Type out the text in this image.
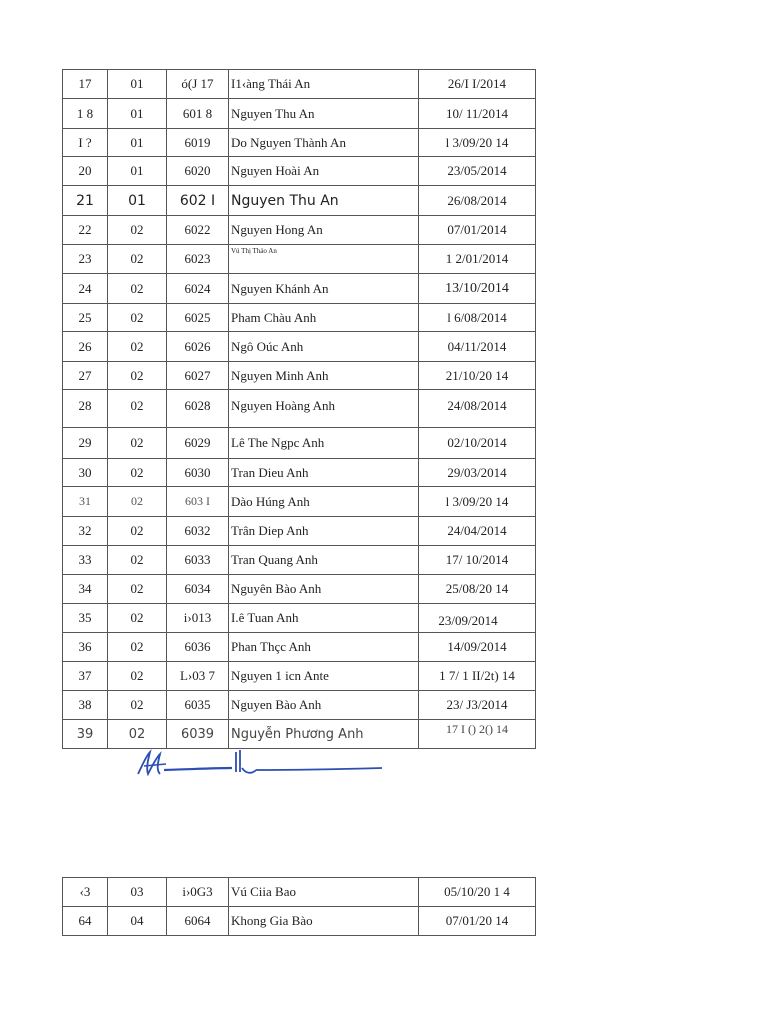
17	01	ó(J 17	I1‹àng Thái An	26/I I/2014
1 8	01	601 8	Nguyen Thu An	10/ 11/2014
I ?	01	6019	Do Nguyen Thành An	l 3/09/20 14
20	01	6020	Nguyen Hoài An	23/05/2014
21	01	602 I	Nguyen Thu An	26/08/2014
22	02	6022	Nguyen Hong An	07/01/2014
23	02	6023	Vú Thị Tháo An	1 2/01/2014
24	02	6024	Nguyen Khánh An	13/10/2014
25	02	6025	Pham Chàu Anh	l 6/08/2014
26	02	6026	Ngô Oúc Anh	04/11/2014
27	02	6027	Nguyen Minh Anh	21/10/20 14
28	02	6028	Nguyen Hoàng Anh	24/08/2014
29	02	6029	Lê The Ngpc Anh	02/10/2014
30	02	6030	Tran Dieu Anh	29/03/2014
31	02	603 I	Dào Húng Anh	l 3/09/20 14
32	02	6032	Trân Diep Anh	24/04/2014
33	02	6033	Tran Quang Anh	17/ 10/2014
34	02	6034	Nguyên Bào Anh	25/08/20 14
35	02	i›013	I.ê Tuan Anh	23/09/2014
36	02	6036	Phan Thçc Anh	14/09/2014
37	02	L›03 7	Nguyen 1 icn Ante	1 7/ 1 II/2t) 14
38	02	6035	Nguyen Bào Anh	23/ J3/2014
39	02	6039	Nguyễn Phương Anh	17 I () 2() 14
‹3	03	i›0G3	Vú Ciia Bao	05/10/20 1 4
64	04	6064	Khong Gia Bào	07/01/20 14
